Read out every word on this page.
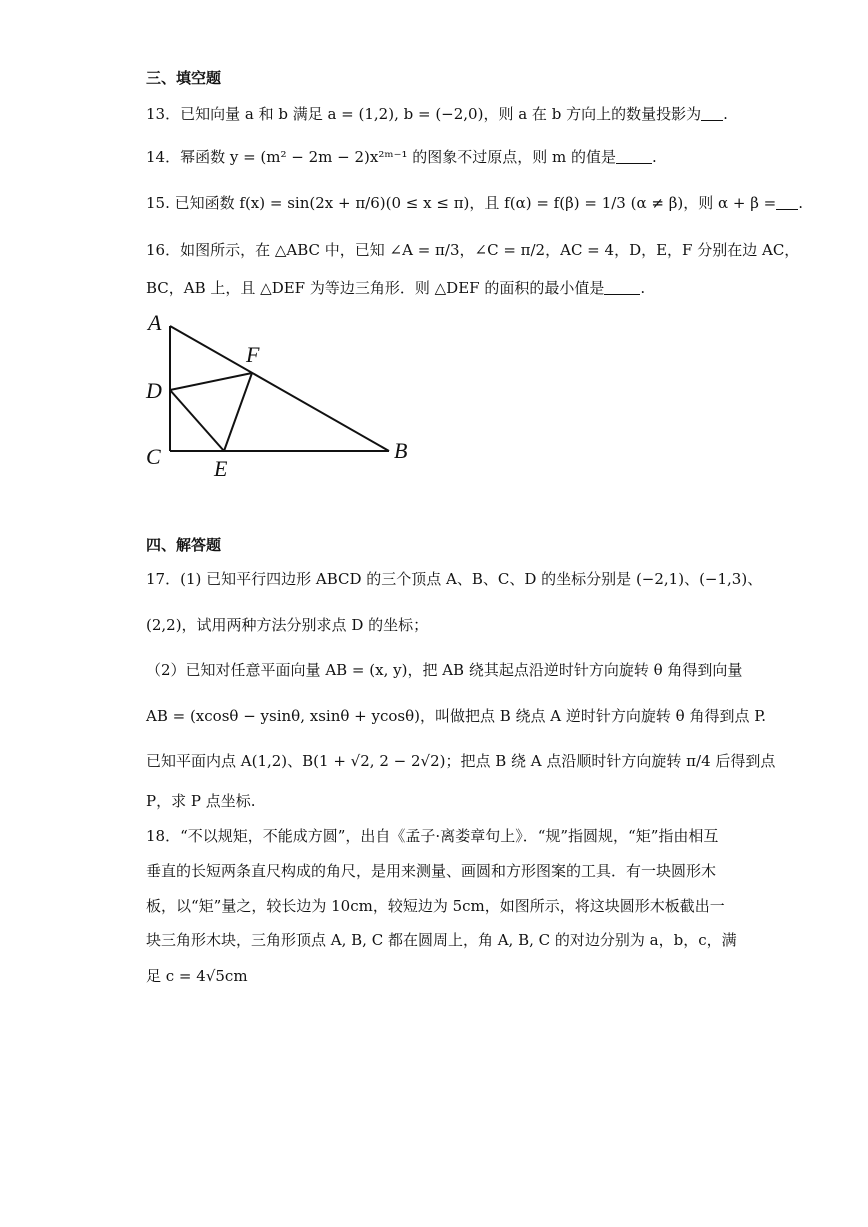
三、填空题
13．已知向量 a 和 b 满足 a = (1,2), b = (−2,0)，则 a 在 b 方向上的数量投影为 .
14．幂函数 y = (m² − 2m − 2)x²ᵐ⁻¹ 的图象不过原点，则 m 的值是 .
15. 已知函数 f(x) = sin(2x + π/6)(0 ≤ x ≤ π)，且 f(α) = f(β) = 1/3 (α ≠ β)，则 α + β = .
16．如图所示，在 △ABC 中，已知 ∠A = π/3，∠C = π/2，AC = 4，D，E，F 分别在边 AC，
BC，AB 上，且 △DEF 为等边三角形．则 △DEF 的面积的最小值是 .
A
F
D
C E
B
四、解答题
17．(1) 已知平行四边形 ABCD 的三个顶点 A、B、C、D 的坐标分别是 (−2,1)、(−1,3)、
(2,2)，试用两种方法分别求点 D 的坐标；
（2）已知对任意平面向量 AB = (x, y)，把 AB 绕其起点沿逆时针方向旋转 θ 角得到向量
AB = (xcosθ − ysinθ, xsinθ + ycosθ)，叫做把点 B 绕点 A 逆时针方向旋转 θ 角得到点 P.
已知平面内点 A(1,2)、B(1 + √2, 2 − 2√2)；把点 B 绕 A 点沿顺时针方向旋转 π/4 后得到点
P，求 P 点坐标.
18．“不以规矩，不能成方圆”，出自《孟子·离娄章句上》．“规”指圆规，“矩”指由相互
垂直的长短两条直尺构成的角尺，是用来测量、画圆和方形图案的工具．有一块圆形木
板，以“矩”量之，较长边为 10cm，较短边为 5cm，如图所示，将这块圆形木板截出一
块三角形木块，三角形顶点 A, B, C 都在圆周上，角 A, B, C 的对边分别为 a，b，c，满
足 c = 4√5cm
